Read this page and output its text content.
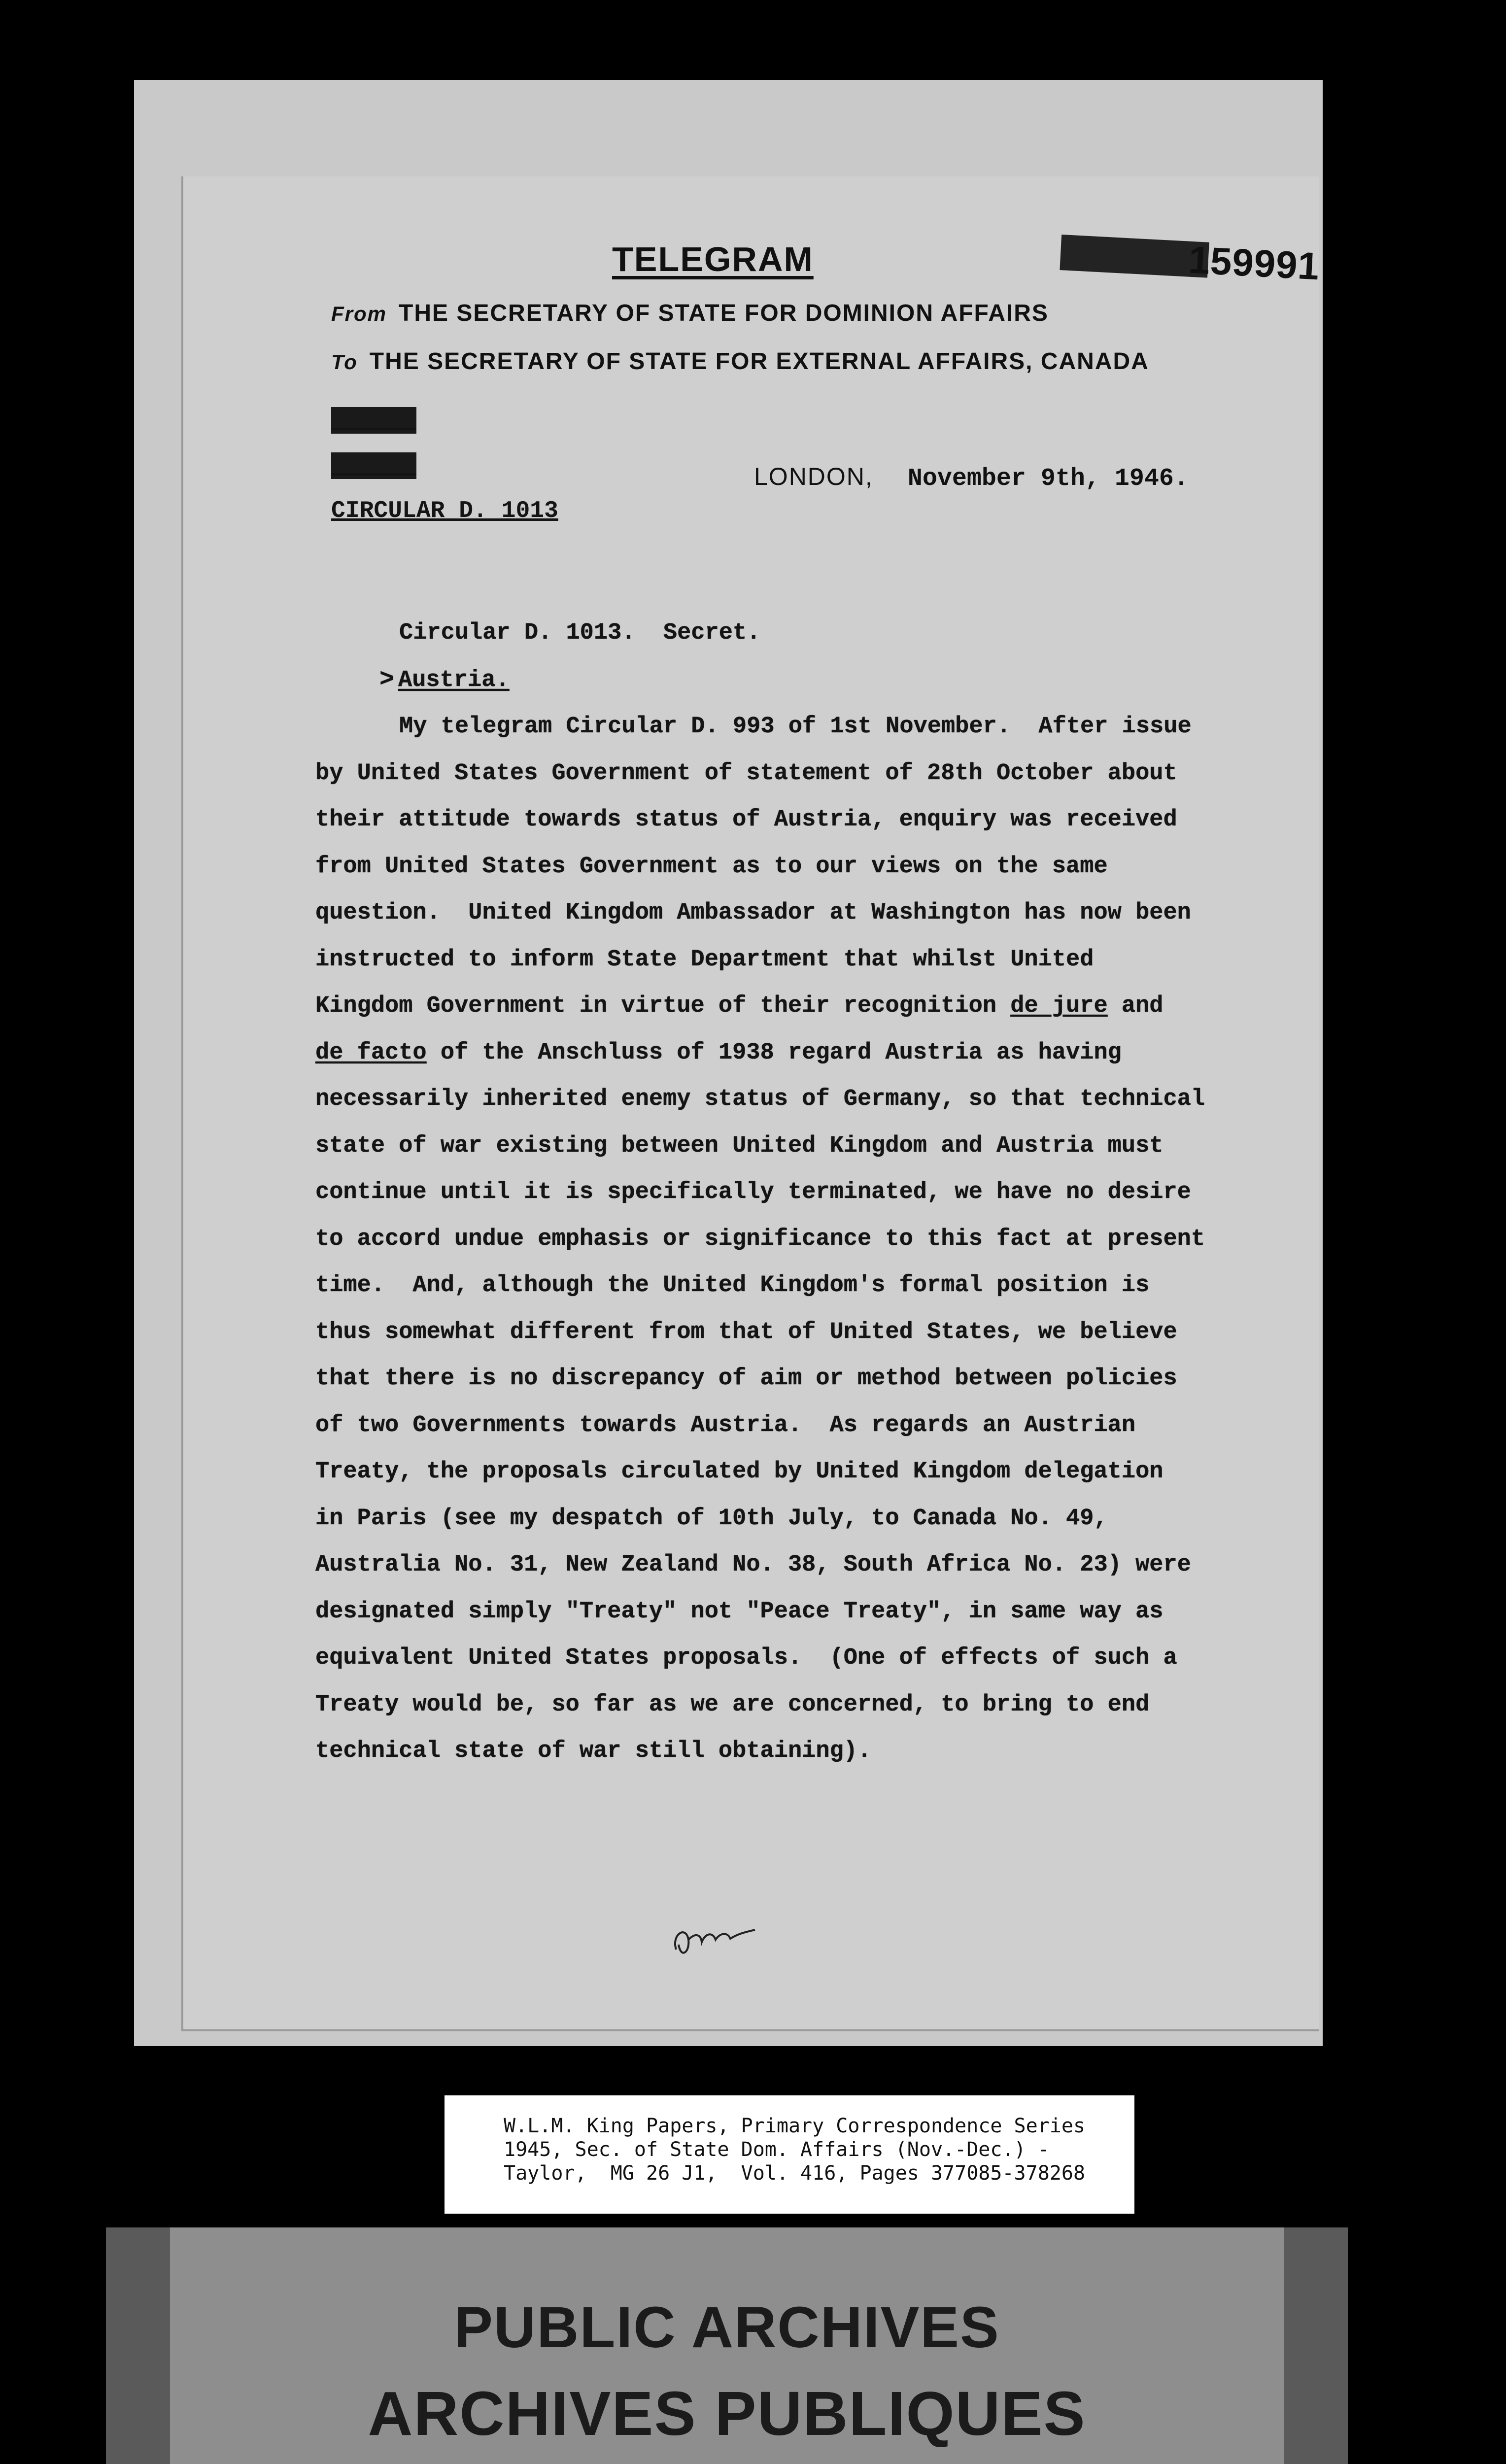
TELEGRAM	159991
From THE SECRETARY OF STATE FOR DOMINION AFFAIRS
To THE SECRETARY OF STATE FOR EXTERNAL AFFAIRS, CANADA
SECRET
CYPHER
CIRCULAR D. 1013
LONDON, November 9th, 1946.
Circular D. 1013.  Secret.
> Austria.
My telegram Circular D. 993 of 1st November.  After issue
by United States Government of statement of 28th October about
their attitude towards status of Austria, enquiry was received
from United States Government as to our views on the same
question.  United Kingdom Ambassador at Washington has now been
instructed to inform State Department that whilst United
Kingdom Government in virtue of their recognition de jure and
de facto of the Anschluss of 1938 regard Austria as having
necessarily inherited enemy status of Germany, so that technical
state of war existing between United Kingdom and Austria must
continue until it is specifically terminated, we have no desire
to accord undue emphasis or significance to this fact at present
time.  And, although the United Kingdom's formal position is
thus somewhat different from that of United States, we believe
that there is no discrepancy of aim or method between policies
of two Governments towards Austria.  As regards an Austrian
Treaty, the proposals circulated by United Kingdom delegation
in Paris (see my despatch of 10th July, to Canada No. 49,
Australia No. 31, New Zealand No. 38, South Africa No. 23) were
designated simply "Treaty" not "Peace Treaty", in same way as
equivalent United States proposals.  (One of effects of such a
Treaty would be, so far as we are concerned, to bring to end
technical state of war still obtaining).
W.L.M. King Papers, Primary Correspondence Series
1945, Sec. of State Dom. Affairs (Nov.-Dec.) -
Taylor,  MG 26 J1,  Vol. 416, Pages 377085-378268
PUBLIC ARCHIVES
ARCHIVES PUBLIQUES
